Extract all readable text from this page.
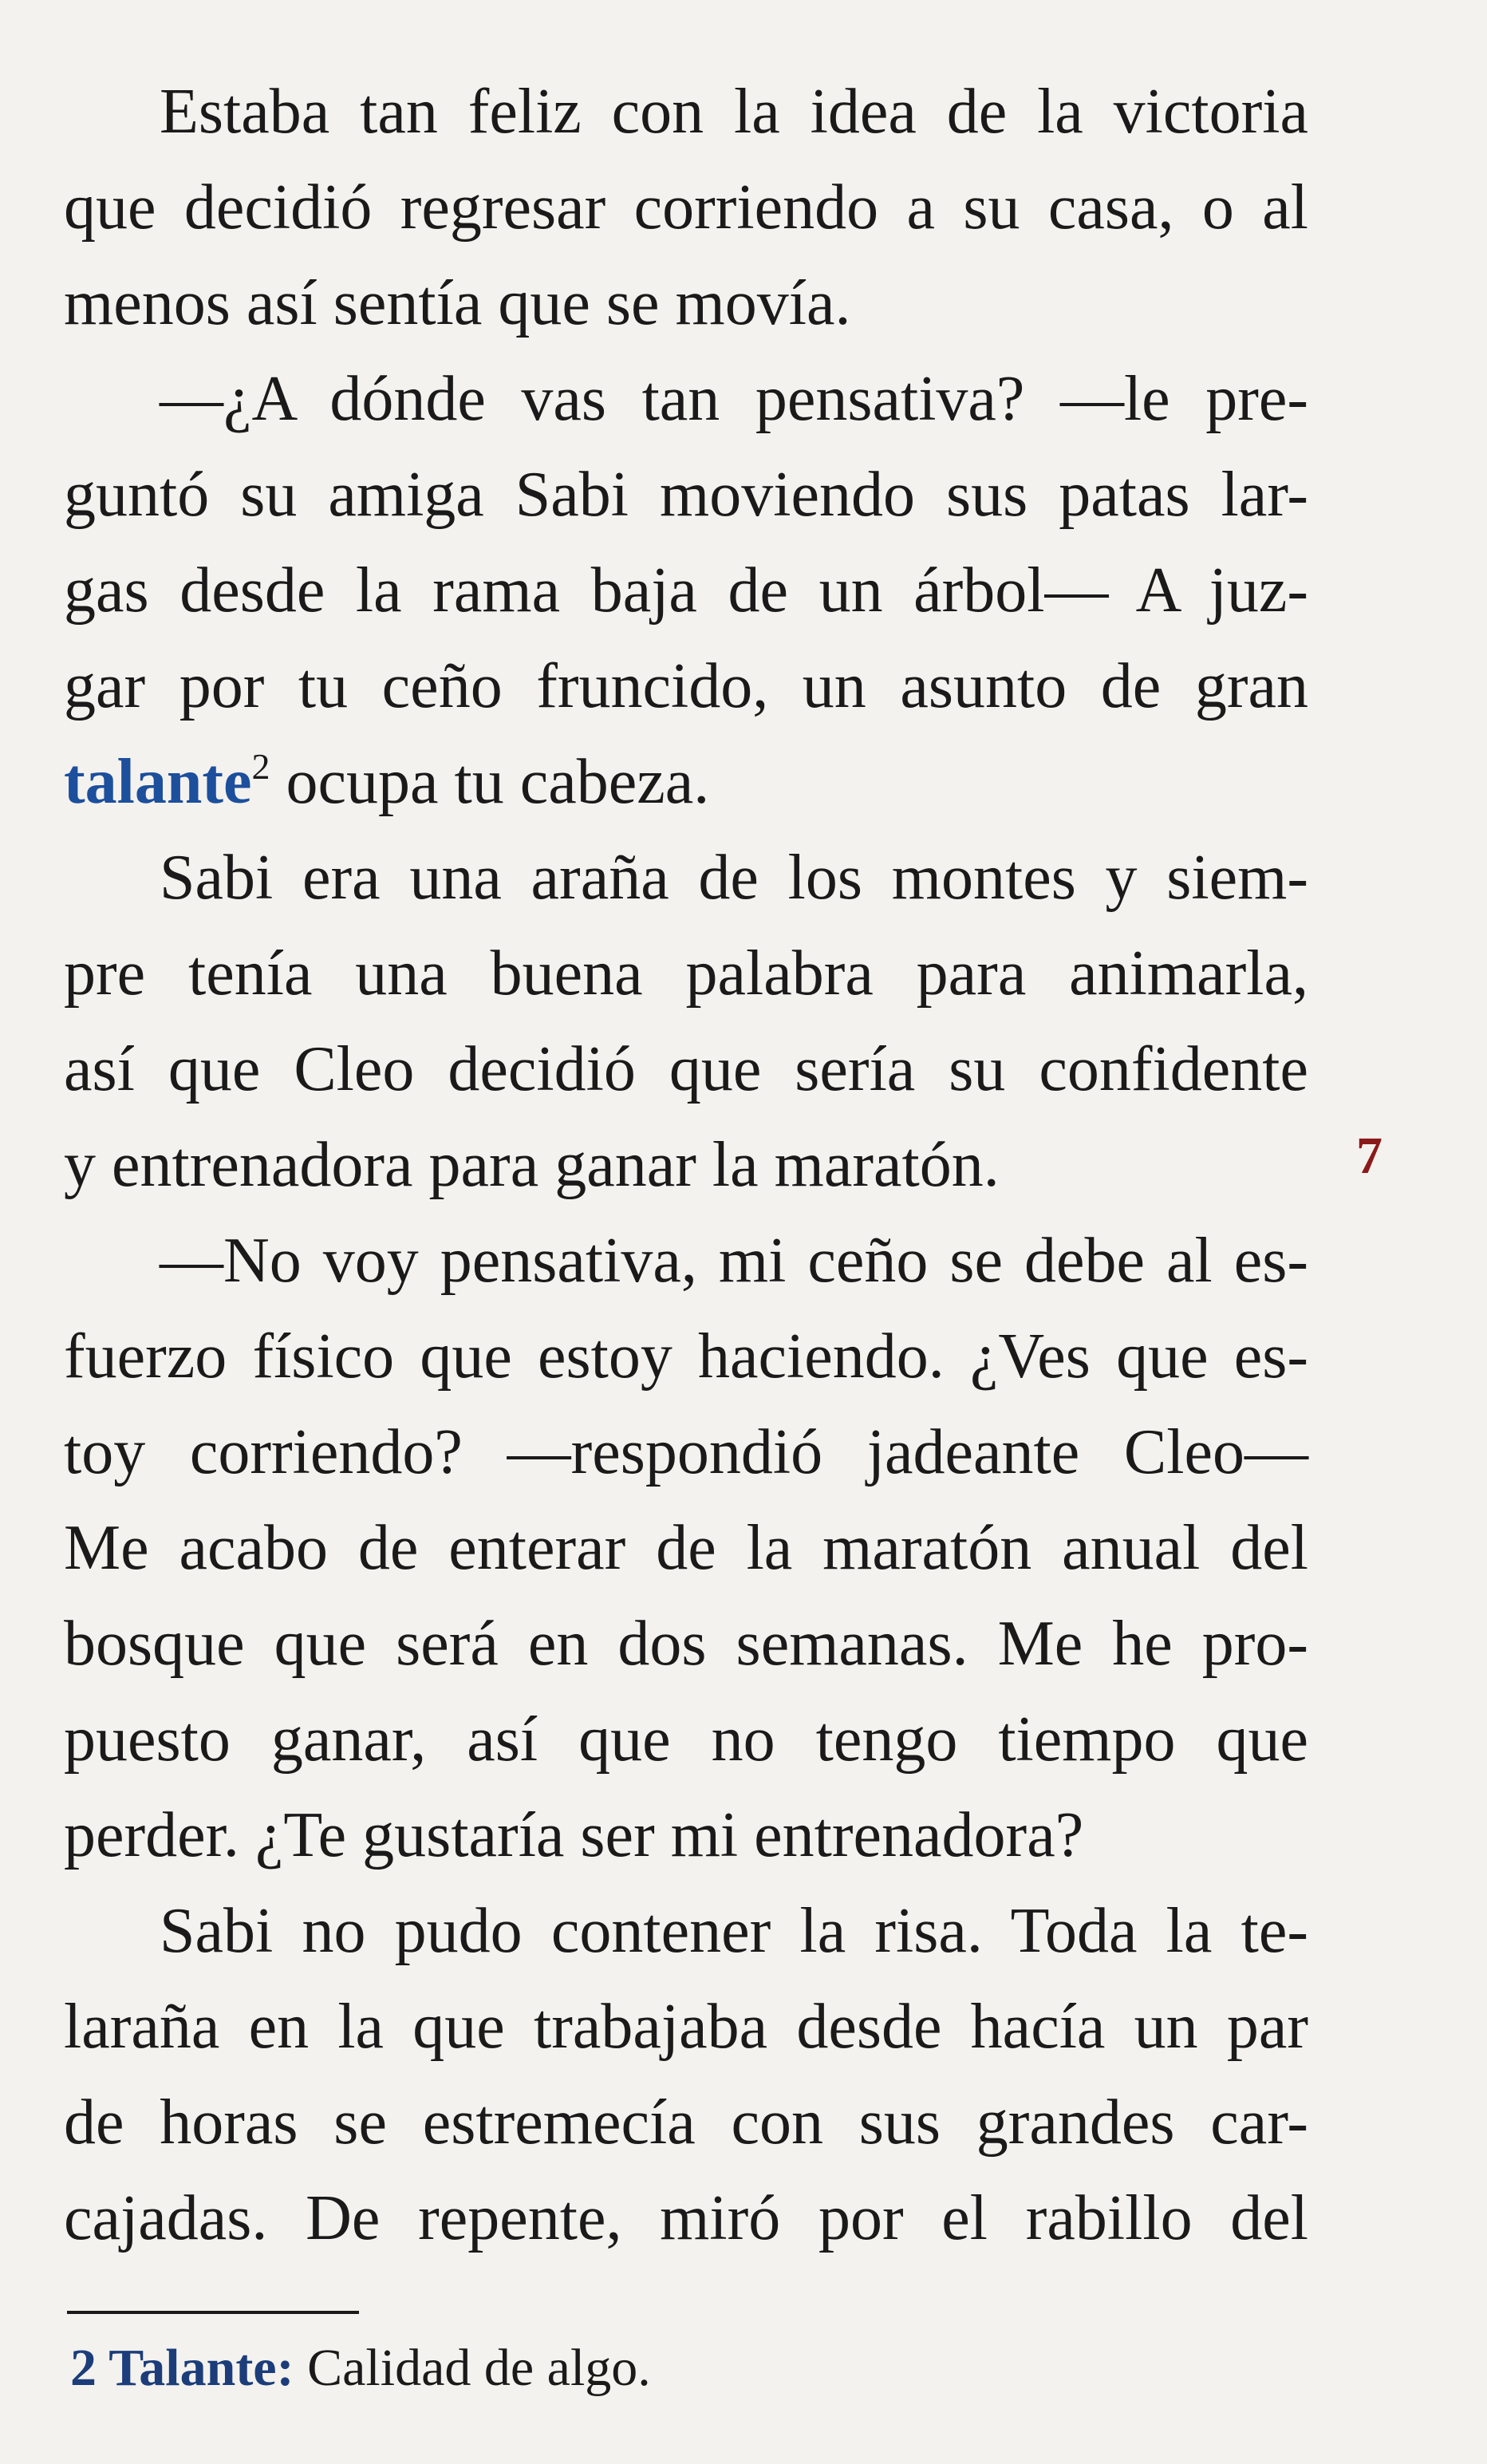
Estaba tan feliz con la idea de la victoria
que decidió regresar corriendo a su casa, o al
menos así sentía que se movía.
—¿A dónde vas tan pensativa? —le pre-
guntó su amiga Sabi moviendo sus patas lar-
gas desde la rama baja de un árbol— A juz-
gar por tu ceño fruncido, un asunto de gran
talante$^2$ ocupa tu cabeza.
Sabi era una araña de los montes y siem-
pre tenía una buena palabra para animarla,
así que Cleo decidió que sería su confidente
y entrenadora para ganar la maratón.
—No voy pensativa, mi ceño se debe al es-
fuerzo físico que estoy haciendo. ¿Ves que es-
toy corriendo? —respondió jadeante Cleo—
Me acabo de enterar de la maratón anual del
bosque que será en dos semanas. Me he pro-
puesto ganar, así que no tengo tiempo que
perder. ¿Te gustaría ser mi entrenadora?
Sabi no pudo contener la risa. Toda la te-
laraña en la que trabajaba desde hacía un par
de horas se estremecía con sus grandes car-
cajadas. De repente, miró por el rabillo del
7
2 Talante: Calidad de algo.
